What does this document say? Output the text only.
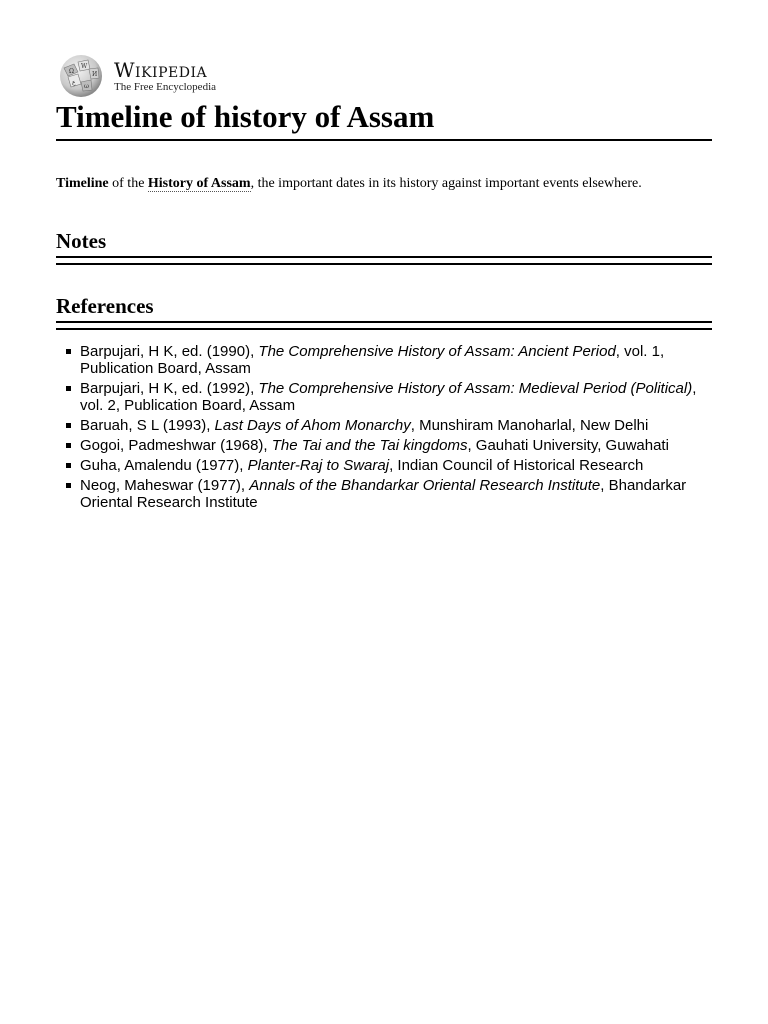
Ω
W
И
ع
ω
Wikipedia
The Free Encyclopedia
Timeline of history of Assam

Timeline of the History of Assam, the important dates in its history against important events elsewhere.

Notes
References
Barpujari, H K, ed. (1990), The Comprehensive History of Assam: Ancient Period, vol. 1, Publication Board, Assam
Barpujari, H K, ed. (1992), The Comprehensive History of Assam: Medieval Period (Political), vol. 2, Publication Board, Assam
Baruah, S L (1993), Last Days of Ahom Monarchy, Munshiram Manoharlal, New Delhi
Gogoi, Padmeshwar (1968), The Tai and the Tai kingdoms, Gauhati University, Guwahati
Guha, Amalendu (1977), Planter-Raj to Swaraj, Indian Council of Historical Research
Neog, Maheswar (1977), Annals of the Bhandarkar Oriental Research Institute, Bhandarkar Oriental Research Institute
